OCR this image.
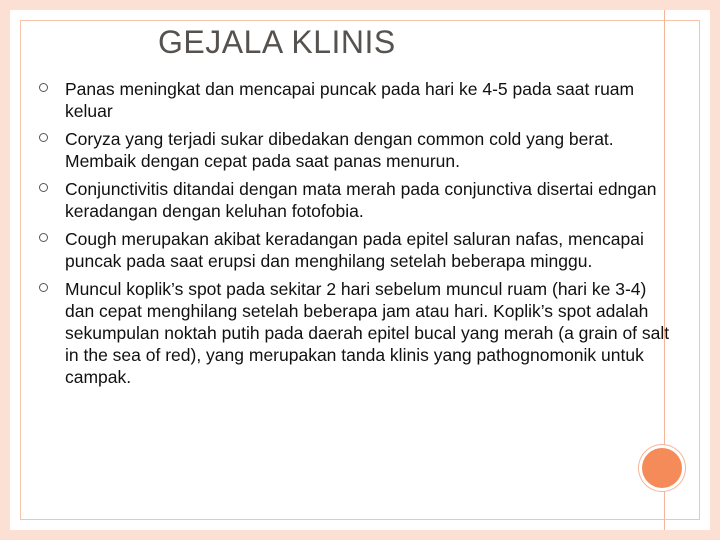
GEJALA KLINIS
Panas meningkat dan mencapai puncak pada hari ke 4-5 pada saat ruam keluar
Coryza yang terjadi sukar dibedakan dengan common cold yang berat. Membaik dengan cepat pada saat panas menurun.
Conjunctivitis ditandai dengan mata merah pada conjunctiva disertai edngan keradangan dengan keluhan fotofobia.
Cough merupakan akibat keradangan pada epitel saluran nafas, mencapai puncak pada saat erupsi dan menghilang setelah beberapa minggu.
Muncul koplik’s spot pada sekitar 2 hari sebelum muncul ruam (hari ke 3-4) dan cepat menghilang setelah beberapa jam atau hari. Koplik’s spot adalah sekumpulan noktah putih pada daerah epitel bucal yang merah (a grain of salt in the sea of red), yang merupakan tanda klinis yang pathognomonik untuk campak.
